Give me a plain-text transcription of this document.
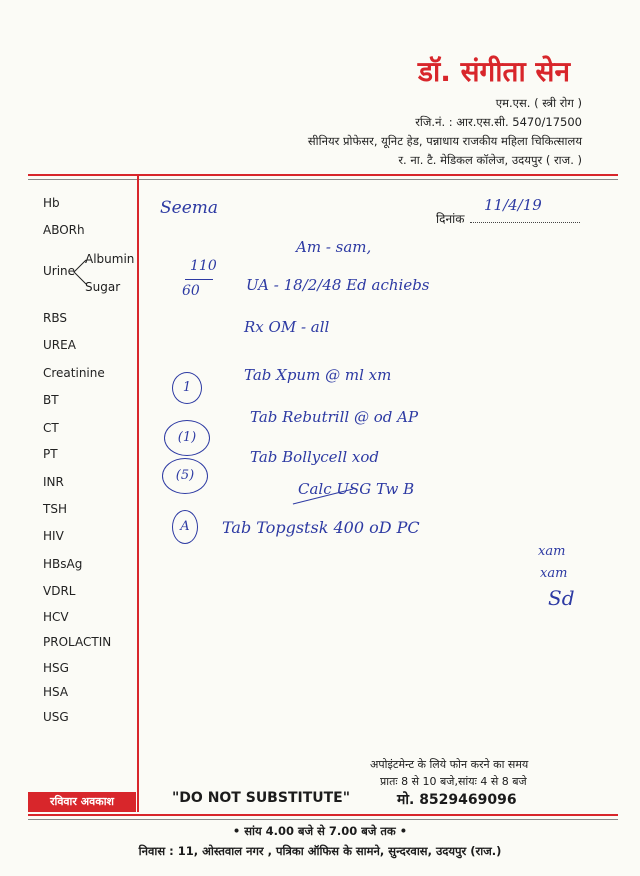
डॉ. संगीता सेन
एम.एस. ( स्त्री रोग )
रजि.नं. : आर.एस.सी. 5470/17500
सीनियर प्रोफेसर, यूनिट हेड, पन्नाधाय राजकीय महिला चिकित्सालय
र. ना. टै. मेडिकल कॉलेज, उदयपुर ( राज. )
Hb
ABORh
RBS
UREA
Creatinine
BT
CT
PT
INR
TSH
HIV
HBsAg
VDRL
HCV
PROLACTIN
HSG
HSA
USG
Urine
Albumin
Sugar
दिनांक
Seema	11/4/19
Am - sam,
110
60	UA - 18/2/48 Ed achiebs
Rx OM - all
1
Tab Xpum @ ml xm
(1)
Tab Rebutrill @ od AP
(5)
Tab Bollycell xod
Calc USG Tw B
A	Tab Topgstsk 400 oD PC
xam
xam
Sd
अपोइंटमेन्ट के लिये फोन करने का समय
प्रातः 8 से 10 बजे,सांयः 4 से 8 बजे
रविवार अवकाश	"DO NOT SUBSTITUTE"	मो. 8529469096
• सांय 4.00 बजे से 7.00 बजे तक •
निवास : 11, ओस्तवाल नगर , पत्रिका ऑफिस के सामने, सुन्दरवास, उदयपुर (राज.)
